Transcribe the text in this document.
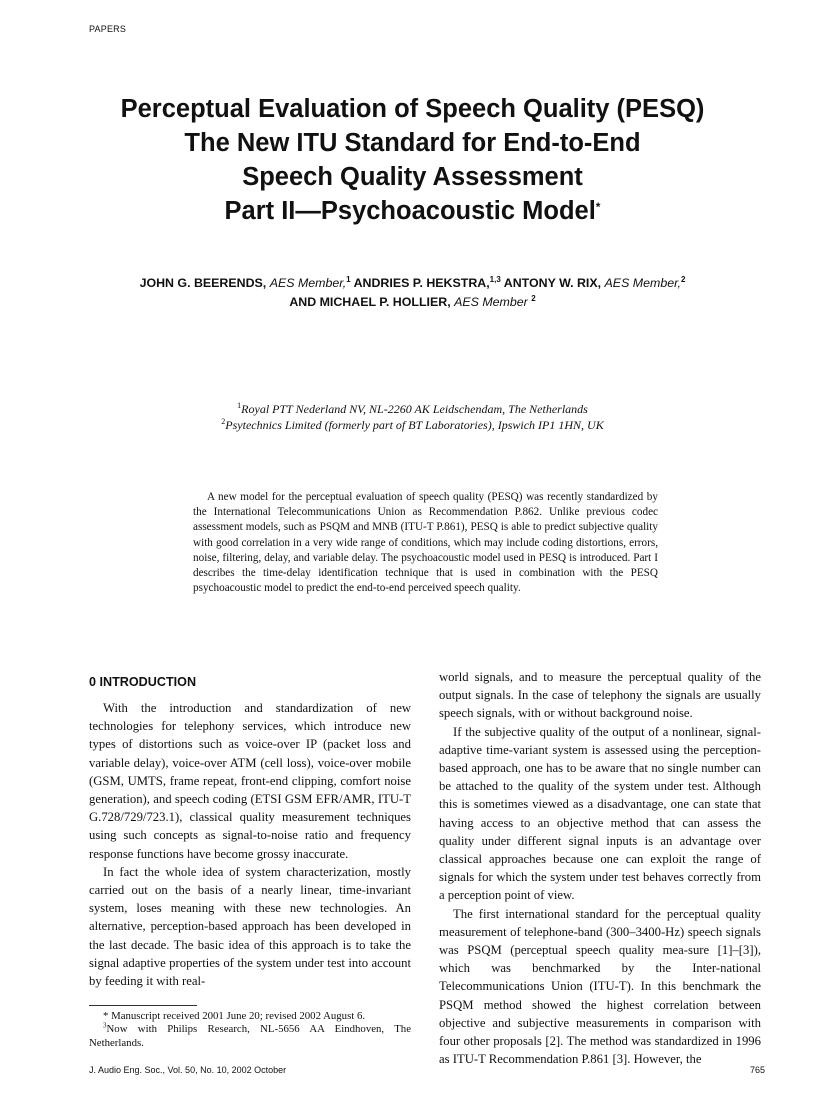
PAPERS
Perceptual Evaluation of Speech Quality (PESQ)
The New ITU Standard for End-to-End
Speech Quality Assessment
Part II—Psychoacoustic Model*
JOHN G. BEERENDS, AES Member,$^1$ ANDRIES P. HEKSTRA,$^{1,3}$ ANTONY W. RIX, AES Member,$^2$
AND MICHAEL P. HOLLIER, AES Member $^2$
$^1$Royal PTT Nederland NV, NL-2260 AK Leidschendam, The Netherlands
$^2$Psytechnics Limited (formerly part of BT Laboratories), Ipswich IP1 1HN, UK
A new model for the perceptual evaluation of speech quality (PESQ) was recently standardized by the International Telecommunications Union as Recommendation P.862. Unlike previous codec assessment models, such as PSQM and MNB (ITU-T P.861), PESQ is able to predict subjective quality with good correlation in a very wide range of conditions, which may include coding distortions, errors, noise, filtering, delay, and variable delay. The psychoacoustic model used in PESQ is introduced. Part I describes the time-delay identification technique that is used in combination with the PESQ psychoacoustic model to predict the end-to-end perceived speech quality.
0 INTRODUCTION

With the introduction and standardization of new technologies for telephony services, which introduce new types of distortions such as voice-over IP (packet loss and variable delay), voice-over ATM (cell loss), voice-over mobile (GSM, UMTS, frame repeat, front-end clipping, comfort noise generation), and speech coding (ETSI GSM EFR/AMR, ITU-T G.728/729/723.1), classical quality measurement techniques using such concepts as signal-to-noise ratio and frequency response functions have become grossy inaccurate.

In fact the whole idea of system characterization, mostly carried out on the basis of a nearly linear, time-invariant system, loses meaning with these new technologies. An alternative, perception-based approach has been developed in the last decade. The basic idea of this approach is to take the signal adaptive properties of the system under test into account by feeding it with real-

world signals, and to measure the perceptual quality of the output signals. In the case of telephony the signals are usually speech signals, with or without background noise.

If the subjective quality of the output of a nonlinear, signal-adaptive time-variant system is assessed using the perception-based approach, one has to be aware that no single number can be attached to the quality of the system under test. Although this is sometimes viewed as a disadvantage, one can state that having access to an objective method that can assess the quality under different signal inputs is an advantage over classical approaches because one can exploit the range of signals for which the system under test behaves correctly from a perception point of view.

The first international standard for the perceptual quality measurement of telephone-band (300–3400-Hz) speech signals was PSQM (perceptual speech quality mea-sure [1]–[3]), which was benchmarked by the Inter-national Telecommunications Union (ITU-T). In this benchmark the PSQM method showed the highest correlation between objective and subjective measurements in comparison with four other proposals [2]. The method was standardized in 1996 as ITU-T Recommendation P.861 [3]. However, the

* Manuscript received 2001 June 20; revised 2002 August 6.

$^3$Now with Philips Research, NL-5656 AA Eindhoven, The Netherlands.

J. Audio Eng. Soc., Vol. 50, No. 10, 2002 October	765
